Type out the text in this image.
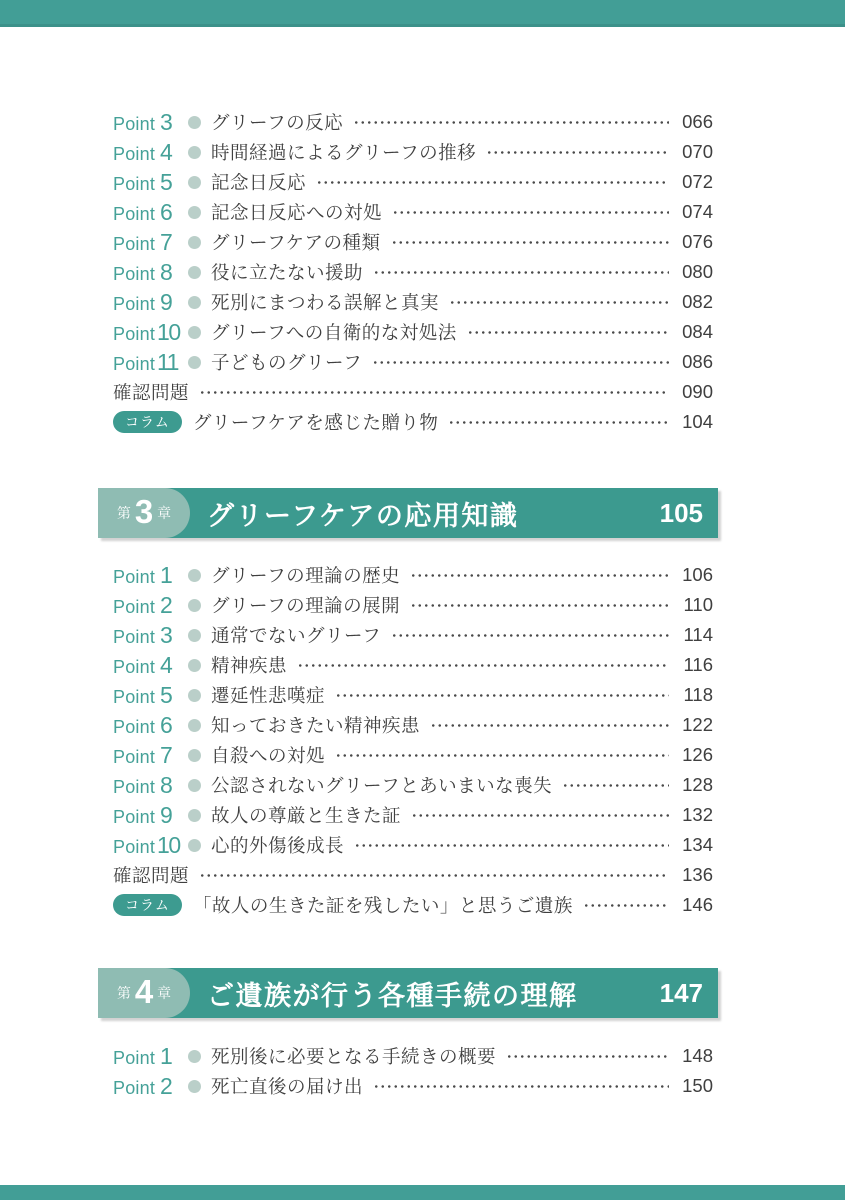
Point 3 グリーフの反応	066
Point 4 時間経過によるグリーフの推移	070
Point 5 記念日反応	072
Point 6 記念日反応への対処	074
Point 7 グリーフケアの種類	076
Point 8 役に立たない援助	080
Point 9 死別にまつわる誤解と真実	082
Point 10 グリーフへの自衛的な対処法	084
Point 11 子どものグリーフ	086
確認問題	090
コラム	グリーフケアを感じた贈り物	104
第 3 章 グリーフケアの応用知識	105
Point 1 グリーフの理論の歴史	106
Point 2 グリーフの理論の展開	110
Point 3 通常でないグリーフ	114
Point 4 精神疾患	116
Point 5 遷延性悲嘆症	118
Point 6 知っておきたい精神疾患	122
Point 7 自殺への対処	126
Point 8 公認されないグリーフとあいまいな喪失	128
Point 9 故人の尊厳と生きた証	132
Point 10 心的外傷後成長	134
確認問題	136
コラム	「故人の生きた証を残したい」と思うご遺族	146
第 4 章 ご遺族が行う各種手続の理解	147
Point 1 死別後に必要となる手続きの概要	148
Point 2 死亡直後の届け出	150
